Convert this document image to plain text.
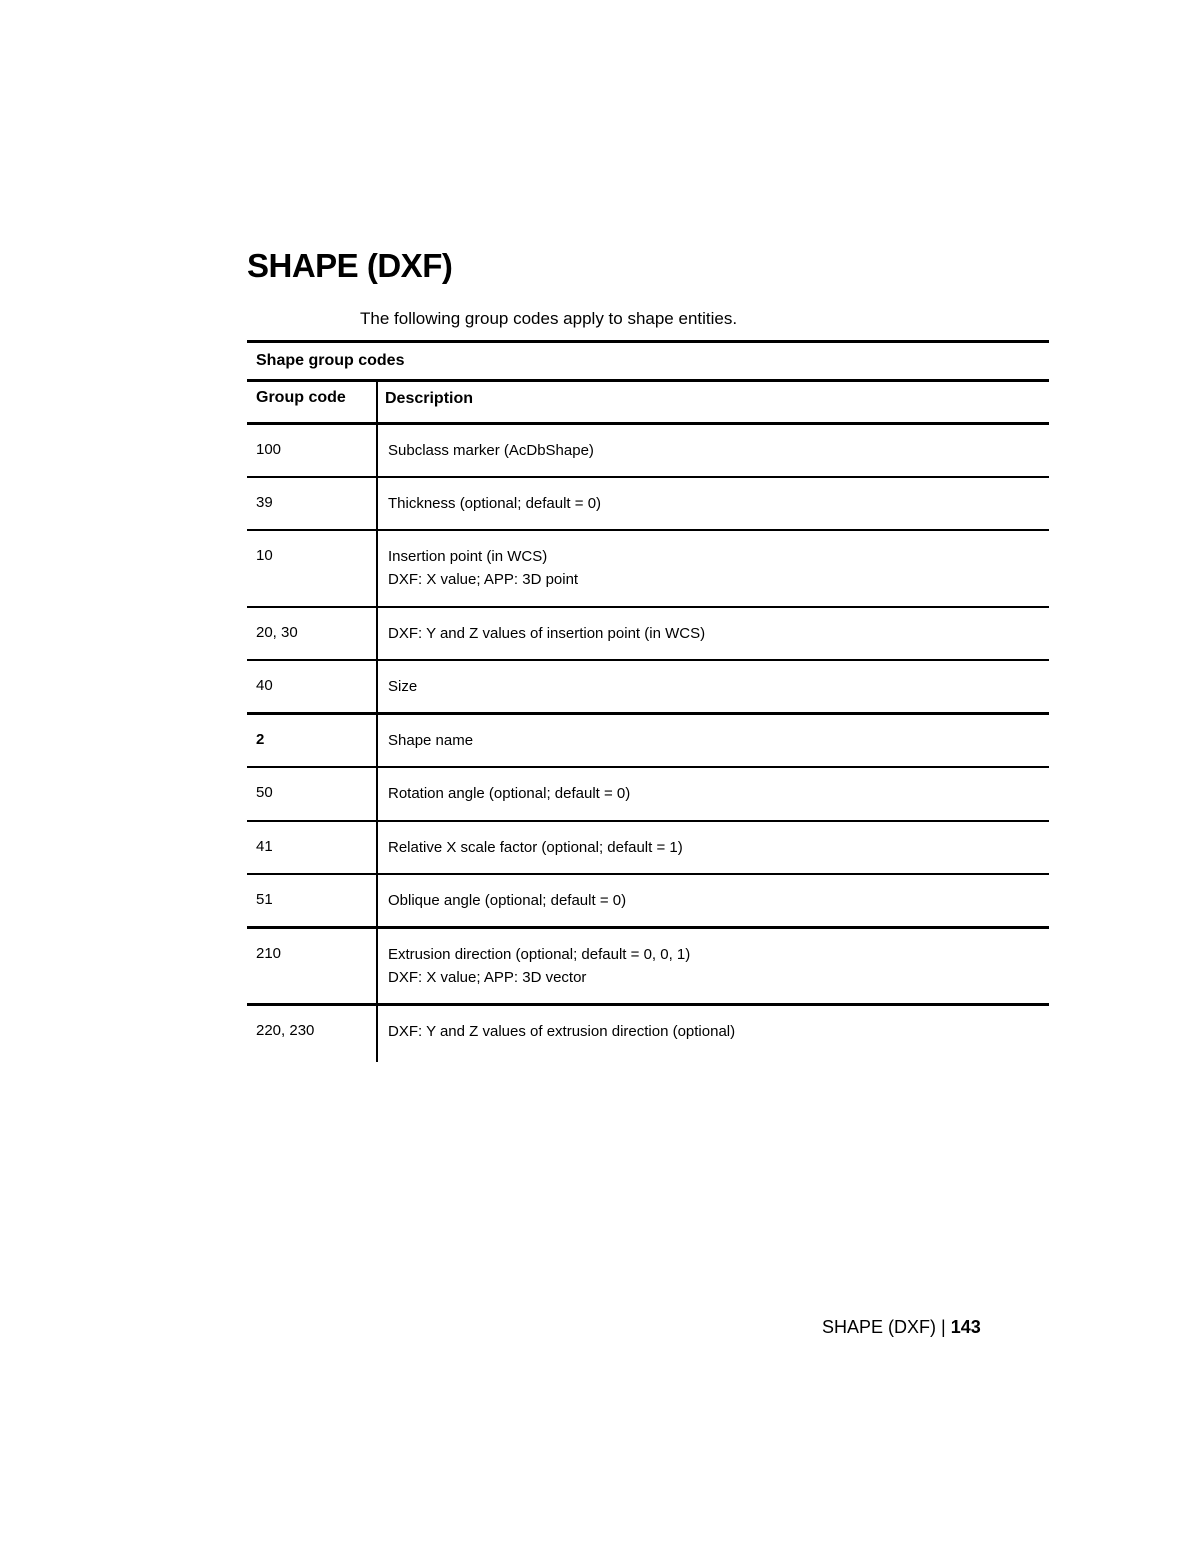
SHAPE (DXF)

The following group codes apply to shape entities.

Shape group codes
Group code	Description
100	Subclass marker (AcDbShape)
39	Thickness (optional; default = 0)
10	Insertion point (in WCS)
DXF: X value; APP: 3D point
20, 30	DXF: Y and Z values of insertion point (in WCS)
40	Size
2	Shape name
50	Rotation angle (optional; default = 0)
41	Relative X scale factor (optional; default = 1)
51	Oblique angle (optional; default = 0)
210	Extrusion direction (optional; default = 0, 0, 1)
DXF: X value; APP: 3D vector
220, 230	DXF: Y and Z values of extrusion direction (optional)
SHAPE (DXF) | 143
